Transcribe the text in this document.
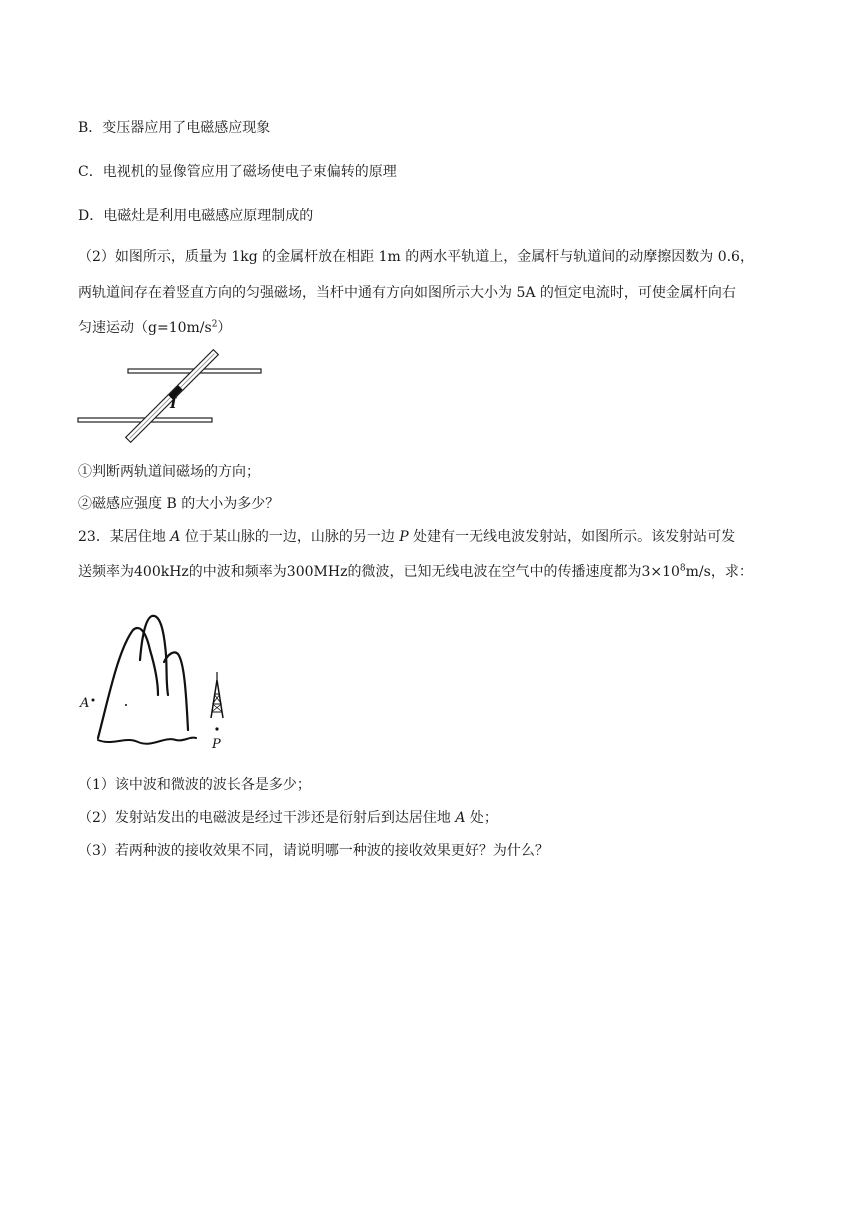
B．变压器应用了电磁感应现象
C．电视机的显像管应用了磁场使电子束偏转的原理
D．电磁灶是利用电磁感应原理制成的
（2）如图所示，质量为 1kg 的金属杆放在相距 1m 的两水平轨道上，金属杆与轨道间的动摩擦因数为 0.6，
两轨道间存在着竖直方向的匀强磁场，当杆中通有方向如图所示大小为 5A 的恒定电流时，可使金属杆向右
匀速运动$(g=10m/s^2)$
I
①判断两轨道间磁场的方向；
②磁感应强度 B 的大小为多少？
23．某居住地 A 位于某山脉的一边，山脉的另一边 P 处建有一无线电波发射站，如图所示。该发射站可发
送频率为400kHz的中波和频率为300MHz的微波，已知无线电波在空气中的传播速度都为$3\times 10^8m/s$，求：
A
P
（1）该中波和微波的波长各是多少；
（2）发射站发出的电磁波是经过干涉还是衍射后到达居住地 A 处；
（3）若两种波的接收效果不同，请说明哪一种波的接收效果更好？为什么？
